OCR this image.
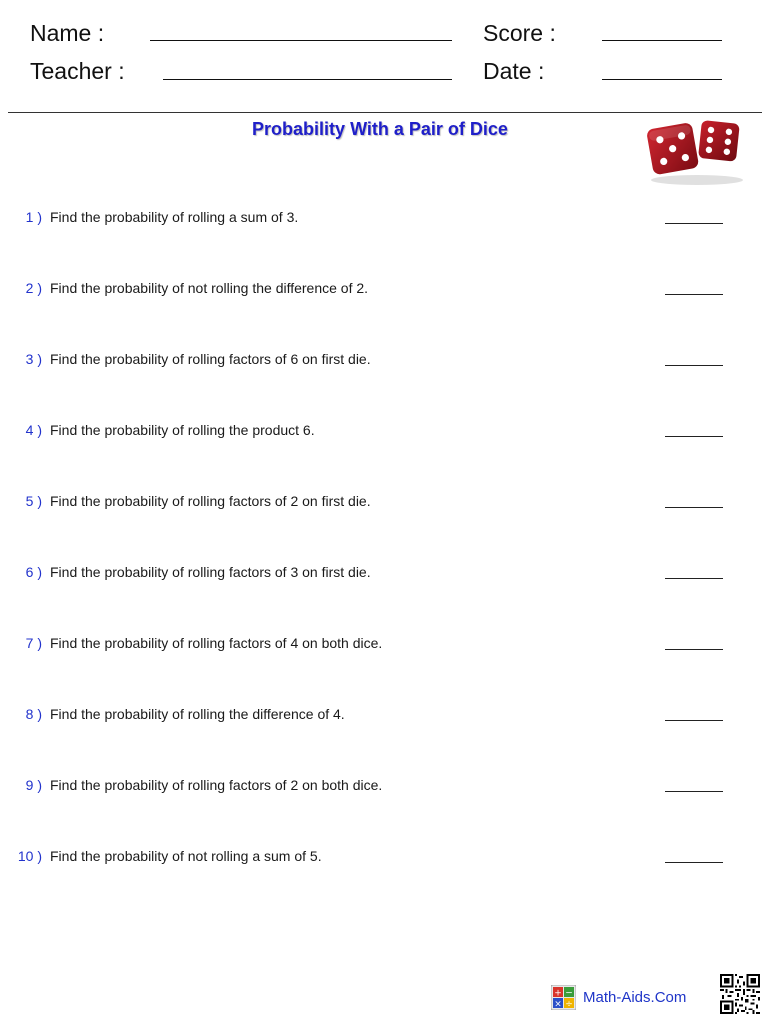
Name :
Teacher :
Score :
Date :
Probability With a Pair of Dice
1 ) Find the probability of rolling a sum of 3.
2 ) Find the probability of not rolling the difference of 2.
3 ) Find the probability of rolling factors of 6 on first die.
4 ) Find the probability of rolling the product 6.
5 ) Find the probability of rolling factors of 2 on first die.
6 ) Find the probability of rolling factors of 3 on first die.
7 ) Find the probability of rolling factors of 4 on both dice.
8 ) Find the probability of rolling the difference of 4.
9 ) Find the probability of rolling factors of 2 on both dice.
10 ) Find the probability of not rolling a sum of 5.
+ −
× ÷ Math-Aids.Com
